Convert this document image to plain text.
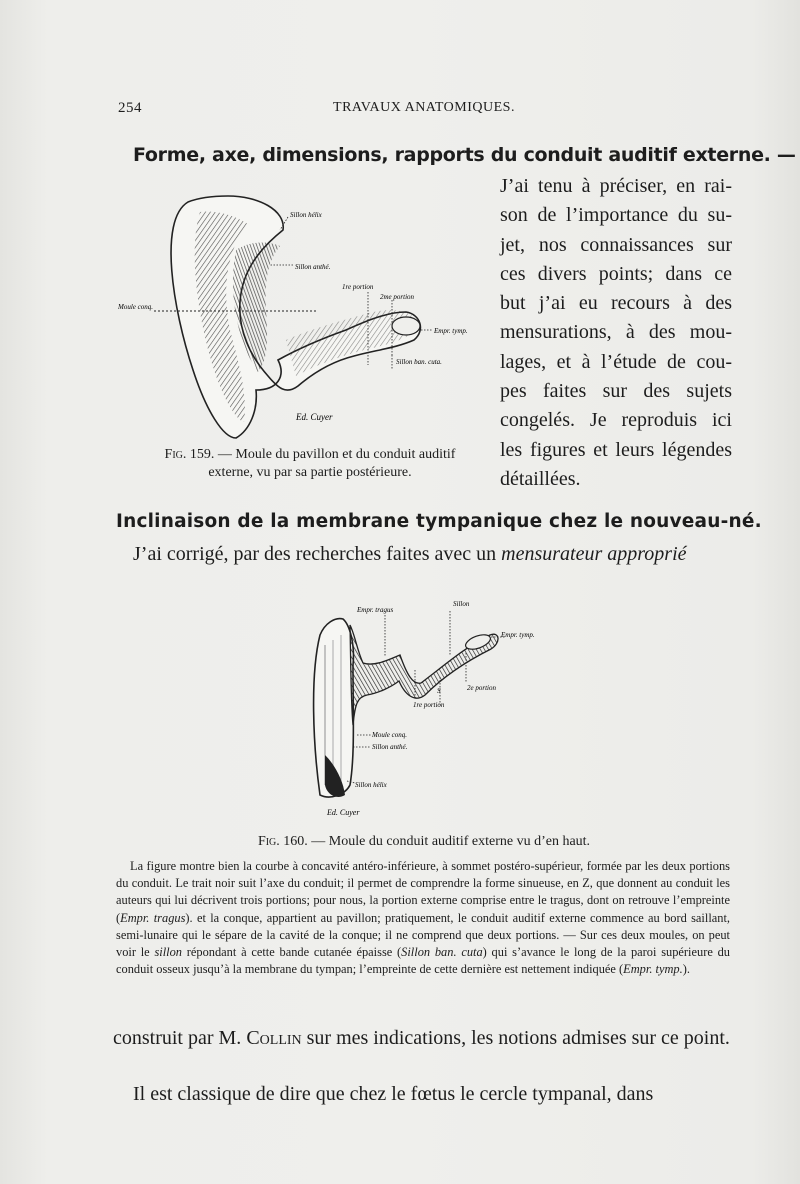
254	TRAVAUX ANATOMIQUES.
Forme, axe, dimensions, rapports du conduit auditif externe. —
J’ai tenu à préciser, en rai-
son de l’importance du su-
jet, nos connaissances sur
ces divers points; dans ce
but j’ai eu recours à des
mensurations, à des mou-
lages, et à l’étude de cou-
pes faites sur des sujets
congelés. Je reproduis ici
les figures et leurs légendes
détaillées.
Sillon hélix
Sillon anthé.
1re portion
2me portion
Moule conq.
Empr. tymp.
Sillon ban. cuta.
Ed. Cuyer
Fig. 159. — Moule du pavillon et du conduit auditif
externe, vu par sa partie postérieure.
Inclinaison de la membrane tympanique chez le nouveau-né.
J’ai corrigé, par des recherches faites avec un mensurateur approprié
Empr. tragus
Sillon
Empr. tymp.
2e portion
1re portion
S
Moule conq.
Sillon anthé.
Sillon hélix
Ed. Cuyer
Fig. 160. — Moule du conduit auditif externe vu d’en haut.
La figure montre bien la courbe à concavité antéro-inférieure, à sommet postéro-supérieur, formée par les deux portions du conduit. Le trait noir suit l’axe du conduit; il permet de comprendre la forme sinueuse, en Z, que donnent au conduit les auteurs qui lui décrivent trois portions; pour nous, la portion externe comprise entre le tragus, dont on retrouve l’empreinte (Empr. tragus). et la conque, appartient au pavillon; pratiquement, le conduit auditif externe commence au bord saillant, semi-lunaire qui le sépare de la cavité de la conque; il ne comprend que deux portions. — Sur ces deux moules, on peut voir le sillon répondant à cette bande cutanée épaisse (Sillon ban. cuta) qui s’avance le long de la paroi supérieure du conduit osseux jusqu’à la membrane du tympan; l’empreinte de cette dernière est nettement indiquée (Empr. tymp.).
construit par M. Collin sur mes indications, les notions admises sur ce point.
Il est classique de dire que chez le fœtus le cercle tympanal, dans
